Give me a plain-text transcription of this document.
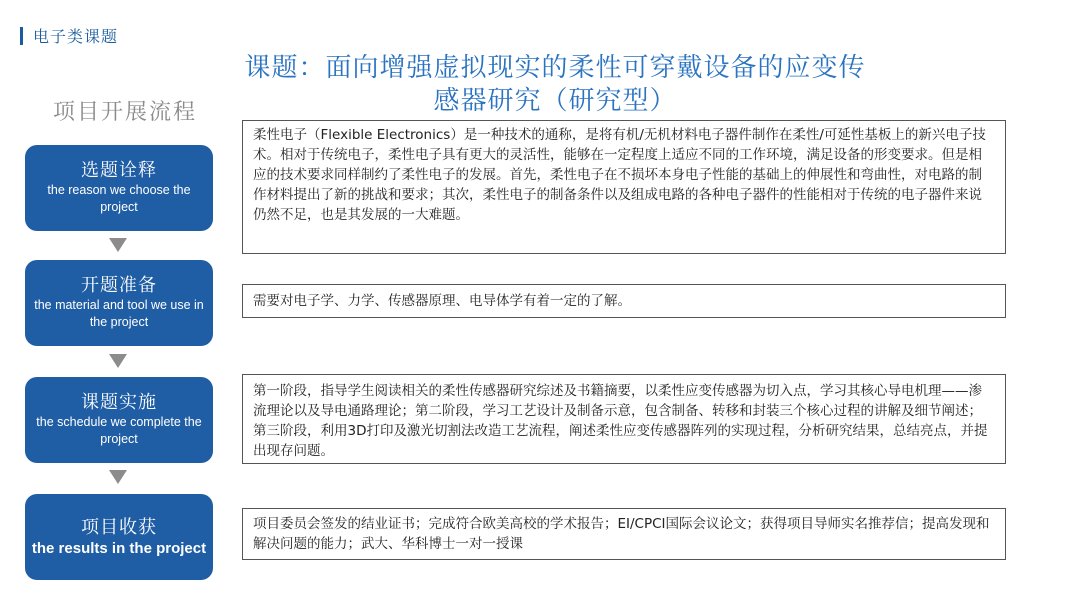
电子类课题
课题：面向增强虚拟现实的柔性可穿戴设备的应变传
感器研究（研究型）
项目开展流程
选题诠释
the reason we choose the project
开题准备
the material and tool we use in the project
课题实施
the schedule we complete the project
项目收获
the results in the project
柔性电子（Flexible Electronics）是一种技术的通称，是将有机/无机材料电子器件制作在柔性/可延性基板上的新兴电子技术。相对于传统电子，柔性电子具有更大的灵活性，能够在一定程度上适应不同的工作环境，满足设备的形变要求。但是相应的技术要求同样制约了柔性电子的发展。首先，柔性电子在不损坏本身电子性能的基础上的伸展性和弯曲性，对电路的制作材料提出了新的挑战和要求；其次，柔性电子的制备条件以及组成电路的各种电子器件的性能相对于传统的电子器件来说仍然不足，也是其发展的一大难题。
需要对电子学、力学、传感器原理、电导体学有着一定的了解。
第一阶段，指导学生阅读相关的柔性传感器研究综述及书籍摘要，以柔性应变传感器为切入点，学习其核心导电机理——渗流理论以及导电通路理论；第二阶段，学习工艺设计及制备示意，包含制备、转移和封装三个核心过程的讲解及细节阐述；第三阶段，利用3D打印及激光切割法改造工艺流程，阐述柔性应变传感器阵列的实现过程，分析研究结果，总结亮点，并提出现存问题。
项目委员会签发的结业证书；完成符合欧美高校的学术报告；EI/CPCI国际会议论文；获得项目导师实名推荐信；提高发现和解决问题的能力；武大、华科博士一对一授课
